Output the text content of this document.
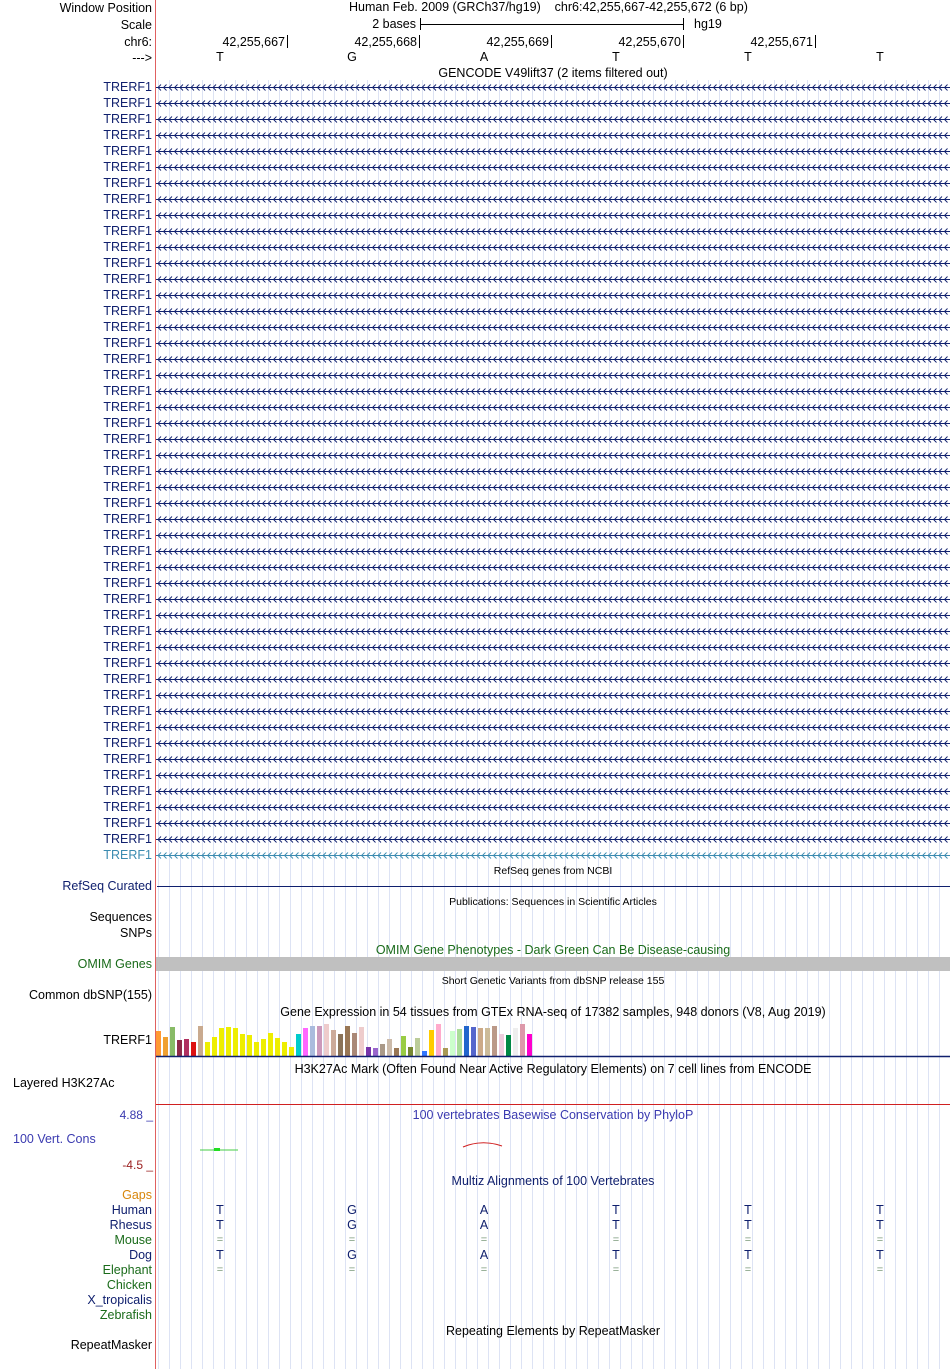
Window Position	Human Feb. 2009 (GRCh37/hg19)    chr6:42,255,667-42,255,672 (6 bp)
Scale	2 bases	hg19
chr6:	42,255,667	42,255,668	42,255,669	42,255,670	42,255,671
--->	T	G	A	T	T	T
GENCODE V49lift37 (2 items filtered out)
TRERF1
TRERF1
TRERF1
TRERF1
TRERF1
TRERF1
TRERF1
TRERF1
TRERF1
TRERF1
TRERF1
TRERF1
TRERF1
TRERF1
TRERF1
TRERF1
TRERF1
TRERF1
TRERF1
TRERF1
TRERF1
TRERF1
TRERF1
TRERF1
TRERF1
TRERF1
TRERF1
TRERF1
TRERF1
TRERF1
TRERF1
TRERF1
TRERF1
TRERF1
TRERF1
TRERF1
TRERF1
TRERF1
TRERF1
TRERF1
TRERF1
TRERF1
TRERF1
TRERF1
TRERF1
TRERF1
TRERF1
TRERF1
TRERF1
RefSeq genes from NCBI
RefSeq Curated
Publications: Sequences in Scientific Articles
Sequences
SNPs
OMIM Gene Phenotypes - Dark Green Can Be Disease-causing
OMIM Genes
Short Genetic Variants from dbSNP release 155
Common dbSNP(155)
Gene Expression in 54 tissues from GTEx RNA-seq of 17382 samples, 948 donors (V8, Aug 2019)
TRERF1
H3K27Ac Mark (Often Found Near Active Regulatory Elements) on 7 cell lines from ENCODE
Layered H3K27Ac
4.88 _	100 vertebrates Basewise Conservation by PhyloP
100 Vert. Cons
-4.5 _
Multiz Alignments of 100 Vertebrates
Gaps
Human	T	G	A	T	T	T
Rhesus	T	G	A	T	T	T
Mouse	=	=	=	=	=	=
Dog	T	G	A	T	T	T
Elephant	=	=	=	=	=	=
Chicken
X_tropicalis
Zebrafish
Repeating Elements by RepeatMasker
RepeatMasker
